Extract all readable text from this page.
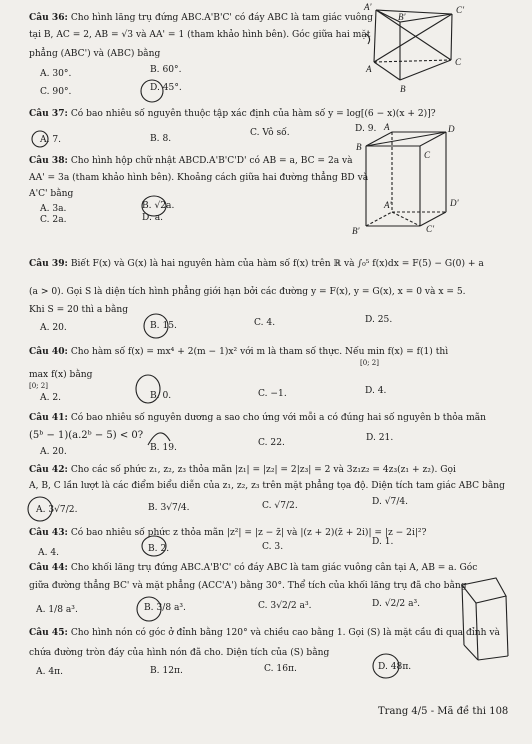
Câu 36: Cho hình lăng trụ đứng ABC.A'B'C' có đáy ABC là tam giác vuông
tại B, AC = 2, AB = √3 và AA' = 1 (tham khảo hình bên). Góc giữa hai mặt
phẳng (ABC') và (ABC) bằng
A. 30°.	B. 60°.
C. 90°.	D. 45°.
A'
B'
C'
A
C
B
Câu 37: Có bao nhiêu số nguyên thuộc tập xác định của hàm số y = log[(6 − x)(x + 2)]?
A. 7.	B. 8.
C. Vô số.	D. 9.
Câu 38: Cho hình hộp chữ nhật ABCD.A'B'C'D' có AB = a, BC = 2a và
AA' = 3a (tham khảo hình bên). Khoảng cách giữa hai đường thẳng BD và
A'C' bằng
A. 3a.	B. √2a.
C. 2a.	D. a.
A	D
B
C
A'	D'
B'	C'
Câu 39: Biết F(x) và G(x) là hai nguyên hàm của hàm số f(x) trên ℝ và ∫₀⁵ f(x)dx = F(5) − G(0) + a
(a > 0). Gọi S là diện tích hình phẳng giới hạn bởi các đường y = F(x), y = G(x), x = 0 và x = 5.
Khi S = 20 thì a bằng
A. 20.	B. 15.	C. 4.	D. 25.
Câu 40: Cho hàm số f(x) = mx⁴ + 2(m − 1)x² với m là tham số thực. Nếu min f(x) = f(1) thì
[0; 2]
max f(x) bằng
[0; 2]
A. 2.	B. 0.	C. −1.	D. 4.
Câu 41: Có bao nhiêu số nguyên dương a sao cho ứng với mỗi a có đúng hai số nguyên b thỏa mãn
(5ᵇ − 1)(a.2ᵇ − 5) < 0?
A. 20.	B. 19.	C. 22.	D. 21.
Câu 42: Cho các số phức z₁, z₂, z₃ thỏa mãn |z₁| = |z₂| = 2|z₃| = 2 và 3z₁z₂ = 4z₃(z₁ + z₂). Gọi
A, B, C lần lượt là các điểm biểu diễn của z₁, z₂, z₃ trên mặt phẳng tọa độ. Diện tích tam giác ABC bằng
A. 3√7/2.	B. 3√7/4.	C. √7/2.	D. √7/4.
Câu 43: Có bao nhiêu số phức z thỏa mãn |z²| = |z − z̄| và |(z + 2)(z̄ + 2i)| = |z − 2i|²?
A. 4.	B. 2.	C. 3.	D. 1.
Câu 44: Cho khối lăng trụ đứng ABC.A'B'C' có đáy ABC là tam giác vuông cân tại A, AB = a. Góc
giữa đường thẳng BC' và mặt phẳng (ACC'A') bằng 30°. Thể tích của khối lăng trụ đã cho bằng
A. 1/8 a³.	B. 3/8 a³.	C. 3√2/2 a³.	D. √2/2 a³.
Câu 45: Cho hình nón có góc ở đỉnh bằng 120° và chiều cao bằng 1. Gọi (S) là mặt cầu đi qua đỉnh và
chứa đường tròn đáy của hình nón đã cho. Diện tích của (S) bằng
A. 4π.	B. 12π.	C. 16π.	D. 48π.
Trang 4/5 - Mã đề thi 108
